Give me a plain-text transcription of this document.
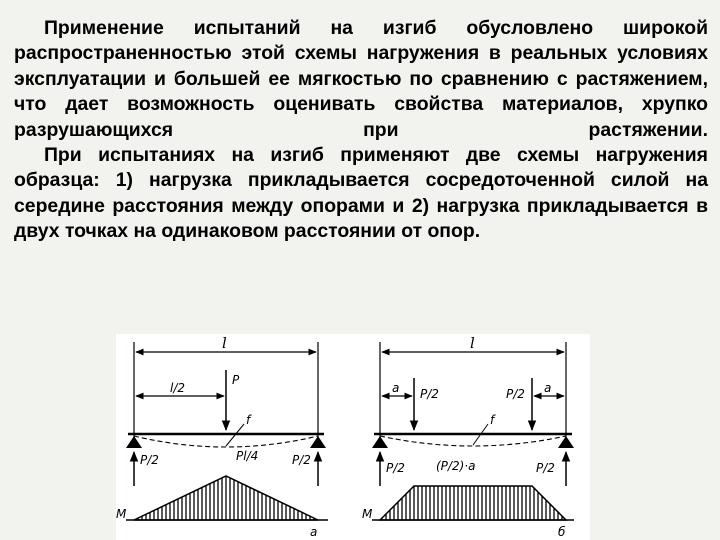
Применение испытаний на изгиб обусловлено широкой распространенностью этой схемы нагружения в реальных условиях эксплуатации и большей ее мягкостью по сравнению с растяжением, что дает возможность оценивать свойства материалов, хрупко разрушающихся при растяжении.

При испытаниях на изгиб применяют две схемы нагружения образца: 1) нагрузка прикладывается сосредоточенной силой на середине расстояния между опорами и 2) нагрузка прикладывается в двух точках на одинаковом расстоянии от опор.

l
l/2
P
f
P/2	P/2
Pl/4
M
a
l
a	a
P/2	P/2
f
P/2	P/2
(P/2)·a
M
б
